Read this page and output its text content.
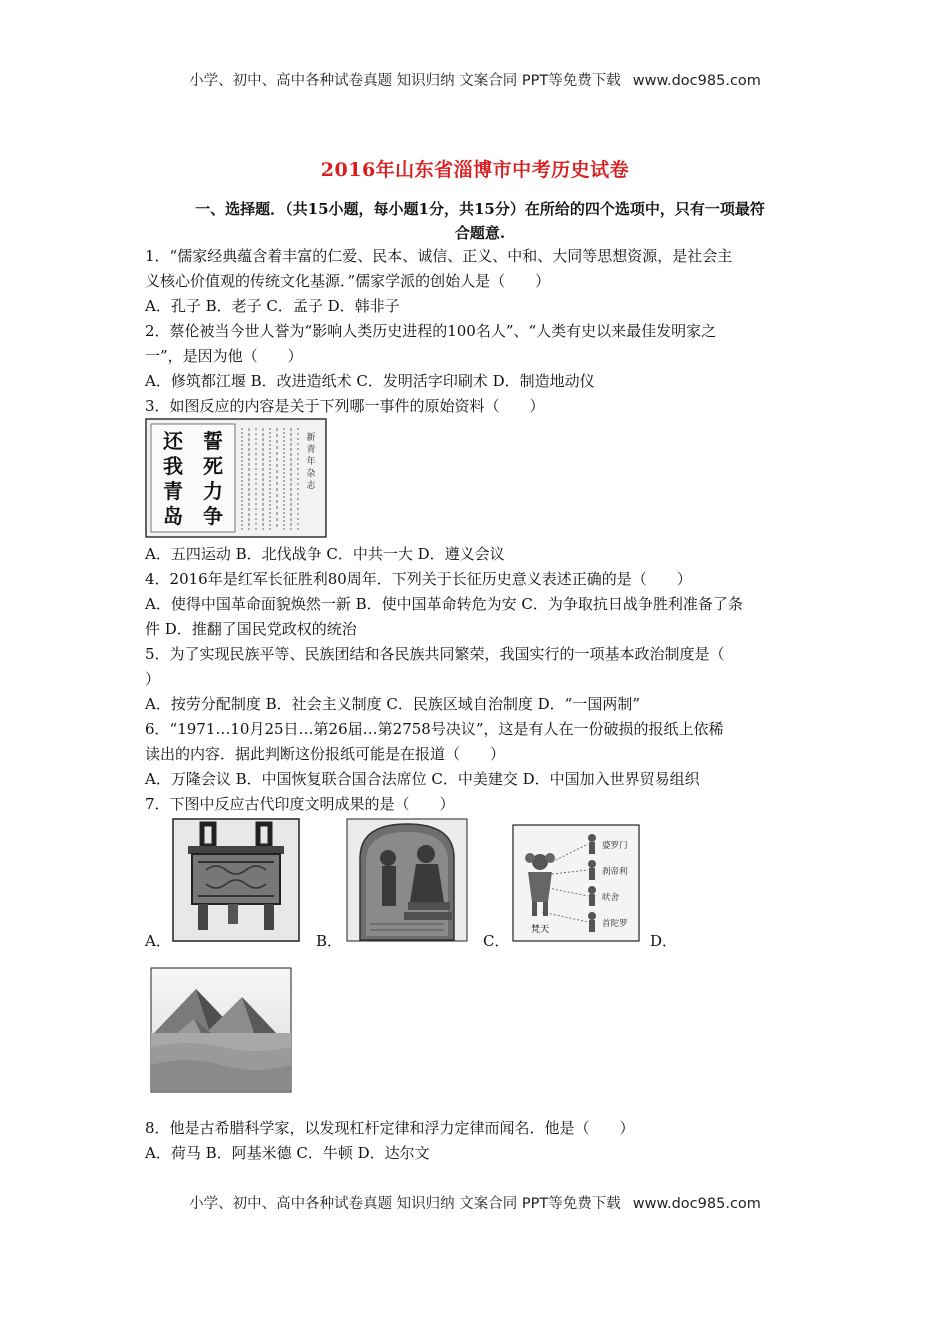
小学、初中、高中各种试卷真题 知识归纳 文案合同 PPT等免费下载 www.doc985.com
小学、初中、高中各种试卷真题 知识归纳 文案合同 PPT等免费下载 www.doc985.com
2016年山东省淄博市中考历史试卷
一、选择题．（共15小题，每小题1分，共15分）在所给的四个选项中，只有一项最符
合题意.
1．“儒家经典蕴含着丰富的仁爱、民本、诚信、正义、中和、大同等思想资源，是社会主
义核心价值观的传统文化基源．”儒家学派的创始人是（　　）
A．孔子 B．老子 C．孟子 D．韩非子
2．蔡伦被当今世人誉为“影响人类历史进程的100名人”、“人类有史以来最佳发明家之
一”，是因为他（　　）
A．修筑都江堰 B．改进造纸术 C．发明活字印刷术 D．制造地动仪
3．如图反应的内容是关于下列哪一事件的原始资料（　　）
誓
死
力
争
还
我
青
岛
新
青
年
杂
志
A．五四运动 B．北伐战争 C．中共一大 D．遵义会议
4．2016年是红军长征胜利80周年．下列关于长征历史意义表述正确的是（　　）
A．使得中国革命面貌焕然一新 B．使中国革命转危为安 C．为争取抗日战争胜利准备了条
件 D．推翻了国民党政权的统治
5．为了实现民族平等、民族团结和各民族共同繁荣，我国实行的一项基本政治制度是（
）
A．按劳分配制度 B．社会主义制度 C．民族区域自治制度 D．“一国两制”
6．“1971…10月25日…第26届…第2758号决议”，这是有人在一份破损的报纸上依稀
读出的内容．据此判断这份报纸可能是在报道（　　）
A．万隆会议 B．中国恢复联合国合法席位 C．中美建交 D．中国加入世界贸易组织
7．下图中反应古代印度文明成果的是（　　）
A．	B．	C．	D．
梵天
婆罗门
刹帝利
吠舍
首陀罗
8．他是古希腊科学家，以发现杠杆定律和浮力定律而闻名．他是（　　）
A．荷马 B．阿基米德 C．牛顿 D．达尔文
